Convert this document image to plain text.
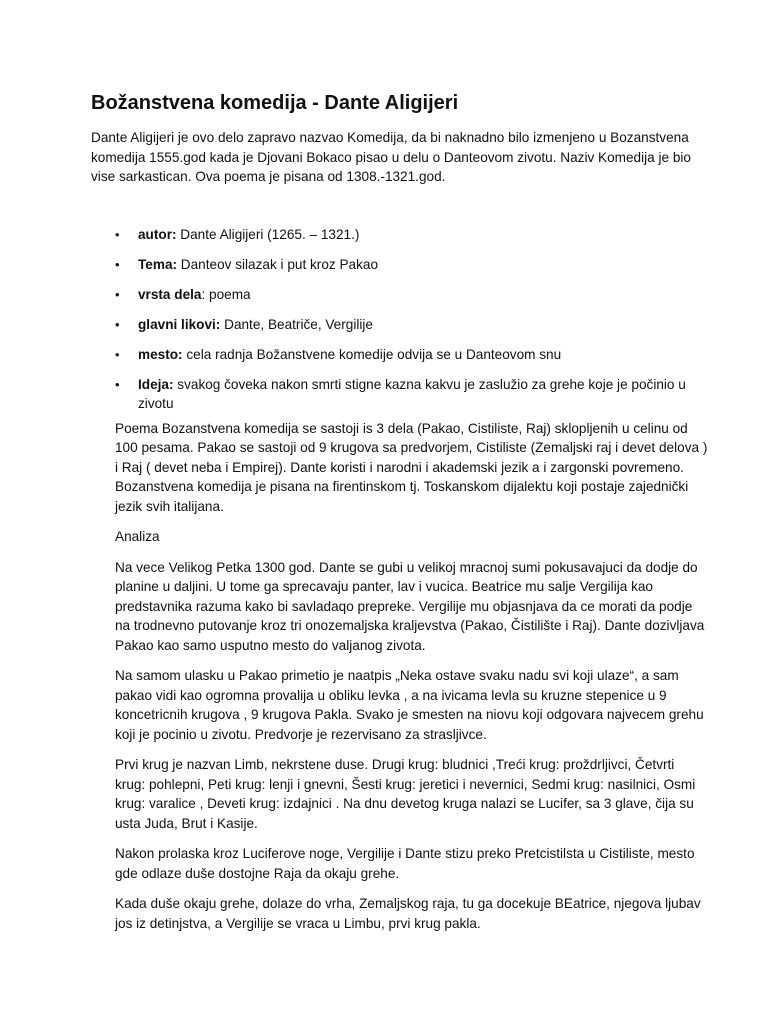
Božanstvena komedija - Dante Aligijeri

Dante Aligijeri je ovo delo zapravo nazvao Komedija, da bi naknadno bilo izmenjeno u Bozanstvena komedija 1555.god kada je Djovani Bokaco pisao u delu o Danteovom zivotu. Naziv Komedija je bio vise sarkastican. Ova poema je pisana od 1308.-1321.god.

• autor: Dante Aligijeri (1265. – 1321.)
• Tema: Danteov silazak i put kroz Pakao
• vrsta dela: poema
• glavni likovi: Dante, Beatriče, Vergilije
• mesto: cela radnja Božanstvene komedije odvija se u Danteovom snu
• Ideja: svakog čoveka nakon smrti stigne kazna kakvu je zaslužio za grehe koje je počinio u zivotu

Poema Bozanstvena komedija se sastoji is 3 dela (Pakao, Cistiliste, Raj) sklopljenih u celinu od 100 pesama. Pakao se sastoji od 9 krugova sa predvorjem, Cistiliste (Zemaljski raj i devet delova ) i Raj ( devet neba i Empirej). Dante koristi i narodni i akademski jezik a i zargonski povremeno. Bozanstvena komedija je pisana na firentinskom tj. Toskanskom dijalektu koji postaje zajednički jezik svih italijana.

Analiza

Na vece Velikog Petka 1300 god. Dante se gubi u velikoj mracnoj sumi pokusavajuci da dodje do planine u daljini. U tome ga sprecavaju panter, lav i vucica. Beatrice mu salje Vergilija kao predstavnika razuma kako bi savladaqo prepreke. Vergilije mu objasnjava da ce morati da podje na trodnevno putovanje kroz tri onozemaljska kraljevstva (Pakao, Čistilište i Raj). Dante dozivljava Pakao kao samo usputno mesto do valjanog zivota.

Na samom ulasku u Pakao primetio je naatpis „Neka ostave svaku nadu svi koji ulaze“, a sam pakao vidi kao ogromna provalija u obliku levka , a na ivicama levla su kruzne stepenice u 9 koncetricnih krugova , 9 krugova Pakla. Svako je smesten na niovu koji odgovara najvecem grehu koji je pocinio u zivotu. Predvorje je rezervisano za strasljivce.

Prvi krug je nazvan Limb, nekrstene duse. Drugi krug: bludnici ,Treći krug: proždrljivci, Četvrti krug: pohlepni, Peti krug: lenji i gnevni, Šesti krug: jeretici i nevernici, Sedmi krug: nasilnici, Osmi krug: varalice , Deveti krug: izdajnici . Na dnu devetog kruga nalazi se Lucifer, sa 3 glave, čija su usta Juda, Brut i Kasije.

Nakon prolaska kroz Luciferove noge, Vergilije i Dante stizu preko Pretcistilsta u Cistiliste, mesto gde odlaze duše dostojne Raja da okaju grehe.

Kada duše okaju grehe, dolaze do vrha, Zemaljskog raja, tu ga docekuje BEatrice, njegova ljubav jos iz detinjstva, a Vergilije se vraca u Limbu, prvi krug pakla.
